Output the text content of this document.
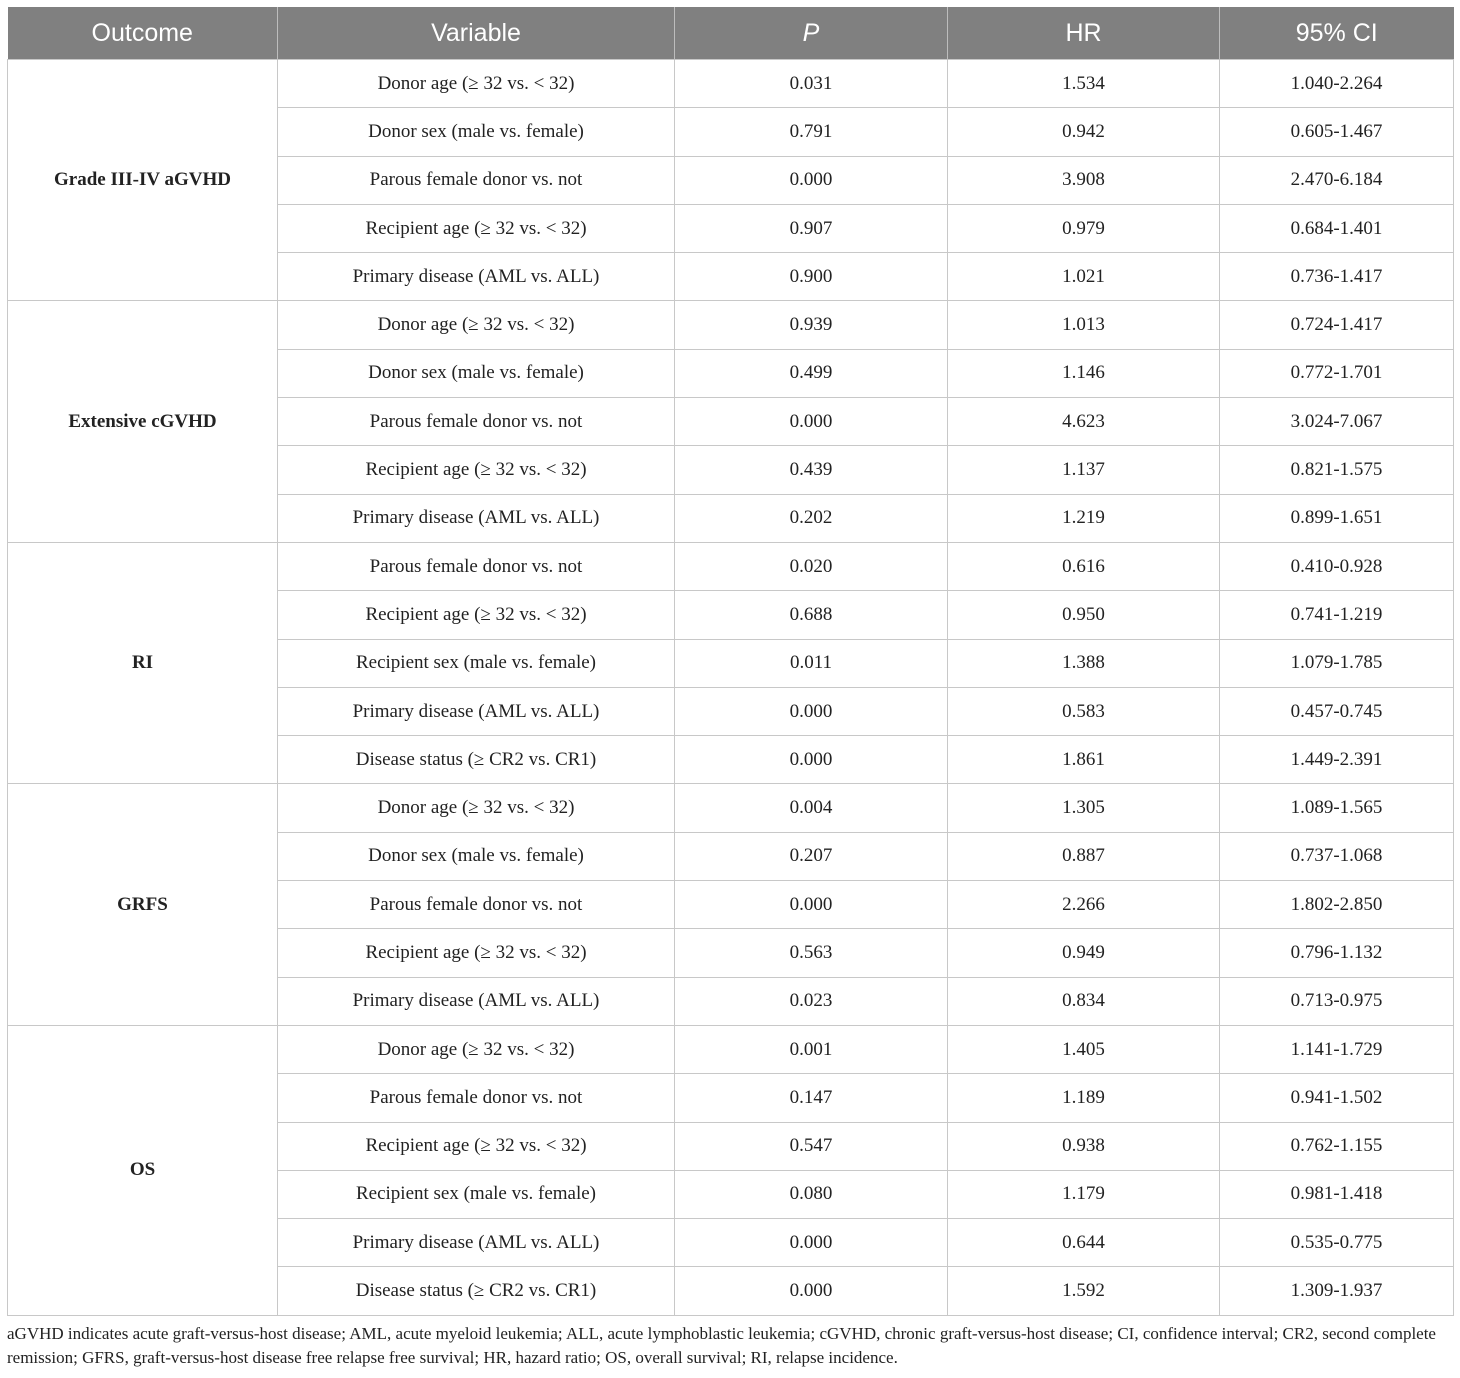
Outcome	Variable	P	HR	95% CI
Grade III-IV aGVHD	Donor age (≥ 32 vs. < 32)	0.031	1.534	1.040-2.264
	Donor sex (male vs. female)	0.791	0.942	0.605-1.467
	Parous female donor vs. not	0.000	3.908	2.470-6.184
	Recipient age (≥ 32 vs. < 32)	0.907	0.979	0.684-1.401
	Primary disease (AML vs. ALL)	0.900	1.021	0.736-1.417
Extensive cGVHD	Donor age (≥ 32 vs. < 32)	0.939	1.013	0.724-1.417
	Donor sex (male vs. female)	0.499	1.146	0.772-1.701
	Parous female donor vs. not	0.000	4.623	3.024-7.067
	Recipient age (≥ 32 vs. < 32)	0.439	1.137	0.821-1.575
	Primary disease (AML vs. ALL)	0.202	1.219	0.899-1.651
RI	Parous female donor vs. not	0.020	0.616	0.410-0.928
	Recipient age (≥ 32 vs. < 32)	0.688	0.950	0.741-1.219
	Recipient sex (male vs. female)	0.011	1.388	1.079-1.785
	Primary disease (AML vs. ALL)	0.000	0.583	0.457-0.745
	Disease status (≥ CR2 vs. CR1)	0.000	1.861	1.449-2.391
GRFS	Donor age (≥ 32 vs. < 32)	0.004	1.305	1.089-1.565
	Donor sex (male vs. female)	0.207	0.887	0.737-1.068
	Parous female donor vs. not	0.000	2.266	1.802-2.850
	Recipient age (≥ 32 vs. < 32)	0.563	0.949	0.796-1.132
	Primary disease (AML vs. ALL)	0.023	0.834	0.713-0.975
OS	Donor age (≥ 32 vs. < 32)	0.001	1.405	1.141-1.729
	Parous female donor vs. not	0.147	1.189	0.941-1.502
	Recipient age (≥ 32 vs. < 32)	0.547	0.938	0.762-1.155
	Recipient sex (male vs. female)	0.080	1.179	0.981-1.418
	Primary disease (AML vs. ALL)	0.000	0.644	0.535-0.775
	Disease status (≥ CR2 vs. CR1)	0.000	1.592	1.309-1.937
aGVHD indicates acute graft-versus-host disease; AML, acute myeloid leukemia; ALL, acute lymphoblastic leukemia; cGVHD, chronic graft-versus-host disease; CI, confidence interval; CR2, second complete remission; GFRS, graft-versus-host disease free relapse free survival; HR, hazard ratio; OS, overall survival; RI, relapse incidence.
